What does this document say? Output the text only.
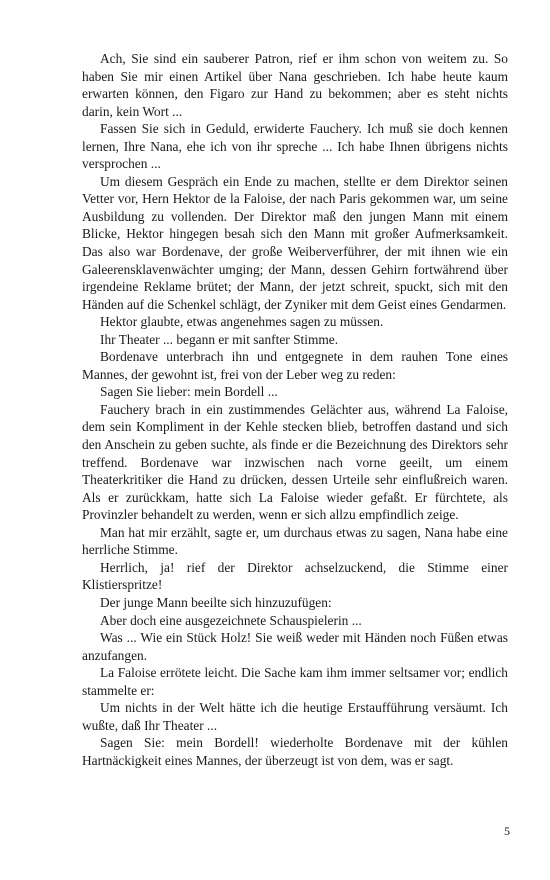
Ach, Sie sind ein sauberer Patron, rief er ihm schon von weitem zu. So haben Sie mir einen Artikel über Nana geschrieben. Ich habe heute kaum erwarten können, den Figaro zur Hand zu bekommen; aber es steht nichts darin, kein Wort ...

Fassen Sie sich in Geduld, erwiderte Fauchery. Ich muß sie doch kennen lernen, Ihre Nana, ehe ich von ihr spreche ... Ich habe Ihnen übrigens nichts versprochen ...

Um diesem Gespräch ein Ende zu machen, stellte er dem Direktor seinen Vetter vor, Hern Hektor de la Faloise, der nach Paris gekommen war, um seine Ausbildung zu vollenden. Der Direktor maß den jungen Mann mit einem Blicke, Hektor hingegen besah sich den Mann mit großer Aufmerksamkeit. Das also war Bordenave, der große Weiberverführer, der mit ihnen wie ein Galeerensklavenwächter umging; der Mann, dessen Gehirn fortwährend über irgendeine Reklame brütet; der Mann, der jetzt schreit, spuckt, sich mit den Händen auf die Schenkel schlägt, der Zyniker mit dem Geist eines Gendarmen.

Hektor glaubte, etwas angenehmes sagen zu müssen.

Ihr Theater ... begann er mit sanfter Stimme.

Bordenave unterbrach ihn und entgegnete in dem rauhen Tone eines Mannes, der gewohnt ist, frei von der Leber weg zu reden:

Sagen Sie lieber: mein Bordell ...

Fauchery brach in ein zustimmendes Gelächter aus, während La Faloise, dem sein Kompliment in der Kehle stecken blieb, betroffen dastand und sich den Anschein zu geben suchte, als finde er die Bezeichnung des Direktors sehr treffend. Bordenave war inzwischen nach vorne geeilt, um einem Theaterkritiker die Hand zu drücken, dessen Urteile sehr einflußreich waren. Als er zurückkam, hatte sich La Faloise wieder gefaßt. Er fürchtete, als Provinzler behandelt zu werden, wenn er sich allzu empfindlich zeige.

Man hat mir erzählt, sagte er, um durchaus etwas zu sagen, Nana habe eine herrliche Stimme.

Herrlich, ja! rief der Direktor achselzuckend, die Stimme einer Klistierspritze!

Der junge Mann beeilte sich hinzuzufügen:

Aber doch eine ausgezeichnete Schauspielerin ...

Was ... Wie ein Stück Holz! Sie weiß weder mit Händen noch Füßen etwas anzufangen.

La Faloise errötete leicht. Die Sache kam ihm immer seltsamer vor; endlich stammelte er:

Um nichts in der Welt hätte ich die heutige Erstaufführung versäumt. Ich wußte, daß Ihr Theater ...

Sagen Sie: mein Bordell! wiederholte Bordenave mit der kühlen Hartnäckigkeit eines Mannes, der überzeugt ist von dem, was er sagt.

5
